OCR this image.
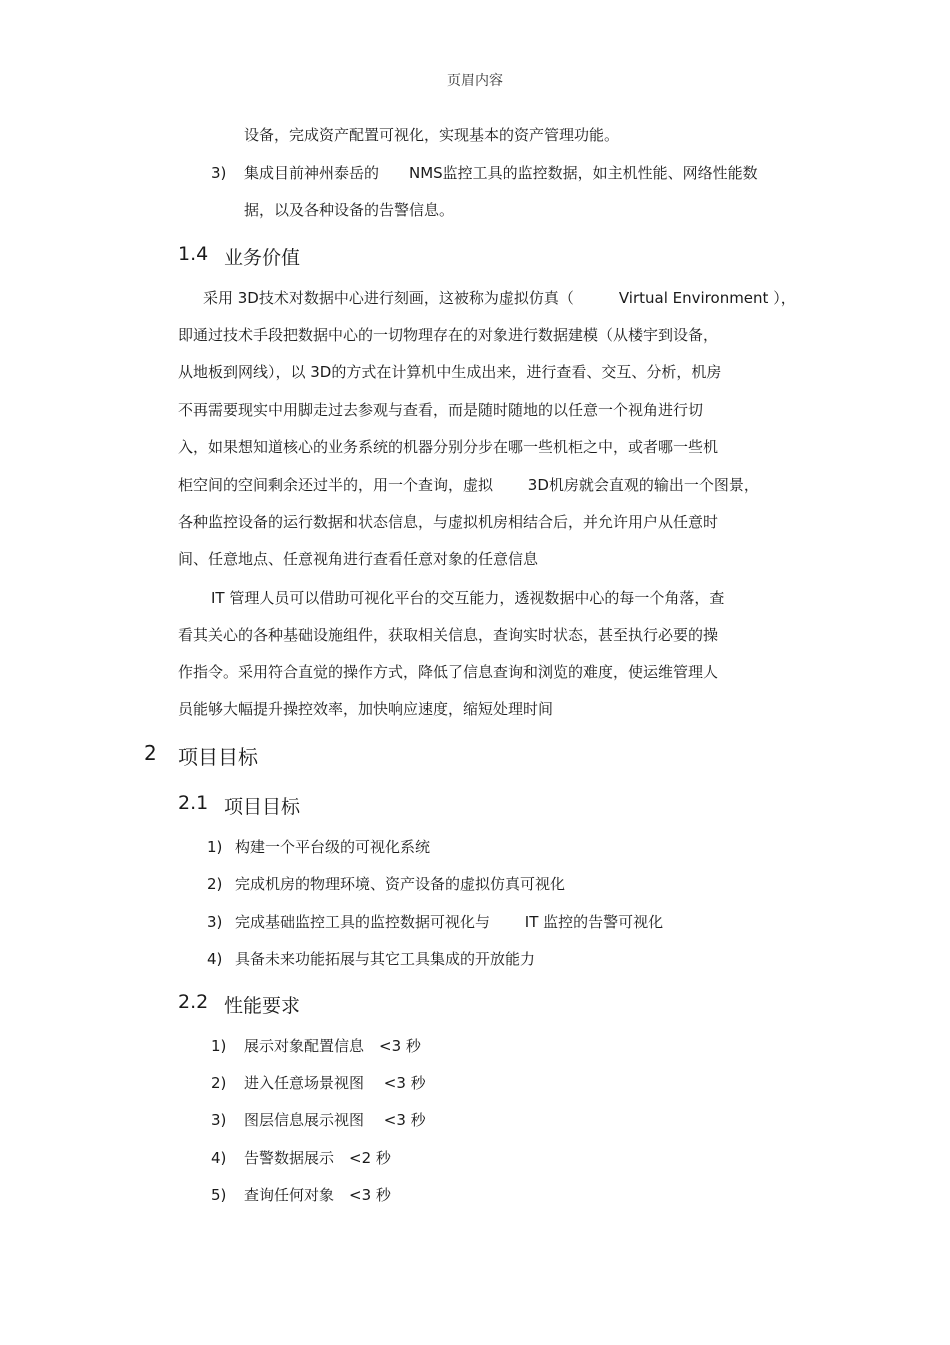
页眉内容
设备，完成资产配置可视化，实现基本的资产管理功能。
3) 集成目前神州泰岳的　　NMS监控工具的监控数据，如主机性能、网络性能数
据，以及各种设备的告警信息。
1.4 业务价值
采用 3D技术对数据中心进行刻画，这被称为虚拟仿真（　　　Virtual Environment ），
即通过技术手段把数据中心的一切物理存在的对象进行数据建模（从楼宇到设备，
从地板到网线），以 3D的方式在计算机中生成出来，进行查看、交互、分析，机房
不再需要现实中用脚走过去参观与查看，而是随时随地的以任意一个视角进行切
入，如果想知道核心的业务系统的机器分别分步在哪一些机柜之中，或者哪一些机
柜空间的空间剩余还过半的，用一个查询，虚拟　　 3D机房就会直观的输出一个图景，
各种监控设备的运行数据和状态信息，与虚拟机房相结合后，并允许用户从任意时
间、任意地点、任意视角进行查看任意对象的任意信息
IT 管理人员可以借助可视化平台的交互能力，透视数据中心的每一个角落，查
看其关心的各种基础设施组件，获取相关信息，查询实时状态，甚至执行必要的操
作指令。采用符合直觉的操作方式，降低了信息查询和浏览的难度，使运维管理人
员能够大幅提升操控效率，加快响应速度，缩短处理时间
2 项目目标
2.1 项目目标
1) 构建一个平台级的可视化系统
2) 完成机房的物理环境、资产设备的虚拟仿真可视化
3) 完成基础监控工具的监控数据可视化与　　 IT 监控的告警可视化
4) 具备未来功能拓展与其它工具集成的开放能力
2.2 性能要求
1) 展示对象配置信息　<3 秒
2) 进入任意场景视图　 <3 秒
3) 图层信息展示视图　 <3 秒
4) 告警数据展示　<2 秒
5) 查询任何对象　<3 秒
